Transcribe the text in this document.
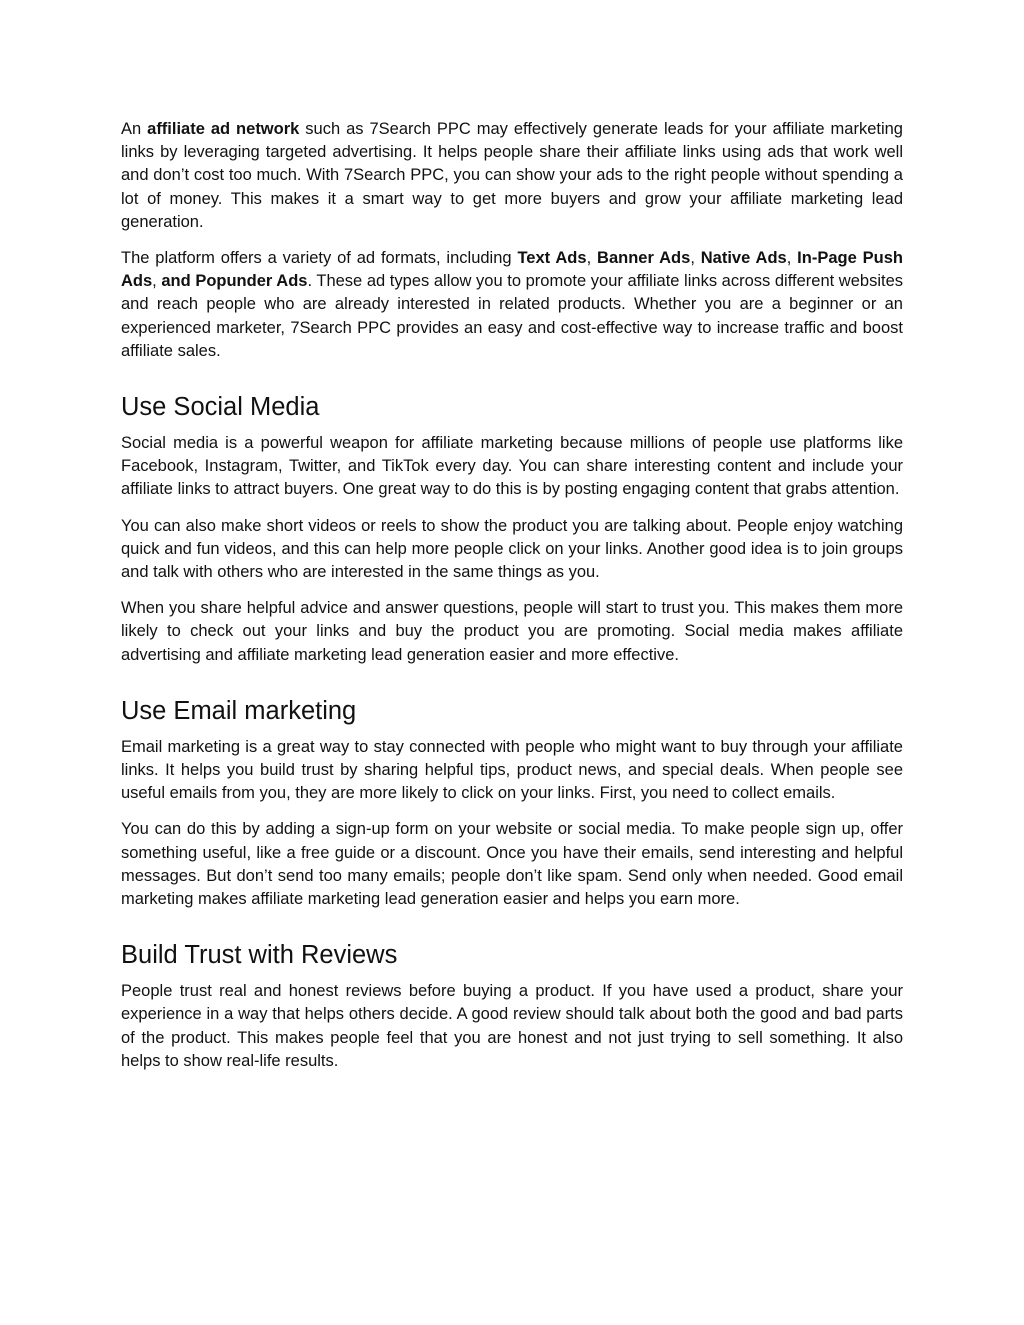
An affiliate ad network such as 7Search PPC may effectively generate leads for your affiliate marketing links by leveraging targeted advertising. It helps people share their affiliate links using ads that work well and don’t cost too much. With 7Search PPC, you can show your ads to the right people without spending a lot of money. This makes it a smart way to get more buyers and grow your affiliate marketing lead generation.

The platform offers a variety of ad formats, including Text Ads, Banner Ads, Native Ads, In-Page Push Ads, and Popunder Ads. These ad types allow you to promote your affiliate links across different websites and reach people who are already interested in related products. Whether you are a beginner or an experienced marketer, 7Search PPC provides an easy and cost-effective way to increase traffic and boost affiliate sales.

Use Social Media

Social media is a powerful weapon for affiliate marketing because millions of people use platforms like Facebook, Instagram, Twitter, and TikTok every day. You can share interesting content and include your affiliate links to attract buyers. One great way to do this is by posting engaging content that grabs attention.

You can also make short videos or reels to show the product you are talking about. People enjoy watching quick and fun videos, and this can help more people click on your links. Another good idea is to join groups and talk with others who are interested in the same things as you.

When you share helpful advice and answer questions, people will start to trust you. This makes them more likely to check out your links and buy the product you are promoting. Social media makes affiliate advertising and affiliate marketing lead generation easier and more effective.

Use Email marketing

Email marketing is a great way to stay connected with people who might want to buy through your affiliate links. It helps you build trust by sharing helpful tips, product news, and special deals. When people see useful emails from you, they are more likely to click on your links. First, you need to collect emails.

You can do this by adding a sign-up form on your website or social media. To make people sign up, offer something useful, like a free guide or a discount. Once you have their emails, send interesting and helpful messages. But don’t send too many emails; people don’t like spam. Send only when needed. Good email marketing makes affiliate marketing lead generation easier and helps you earn more.

Build Trust with Reviews

People trust real and honest reviews before buying a product. If you have used a product, share your experience in a way that helps others decide. A good review should talk about both the good and bad parts of the product. This makes people feel that you are honest and not just trying to sell something. It also helps to show real-life results.
